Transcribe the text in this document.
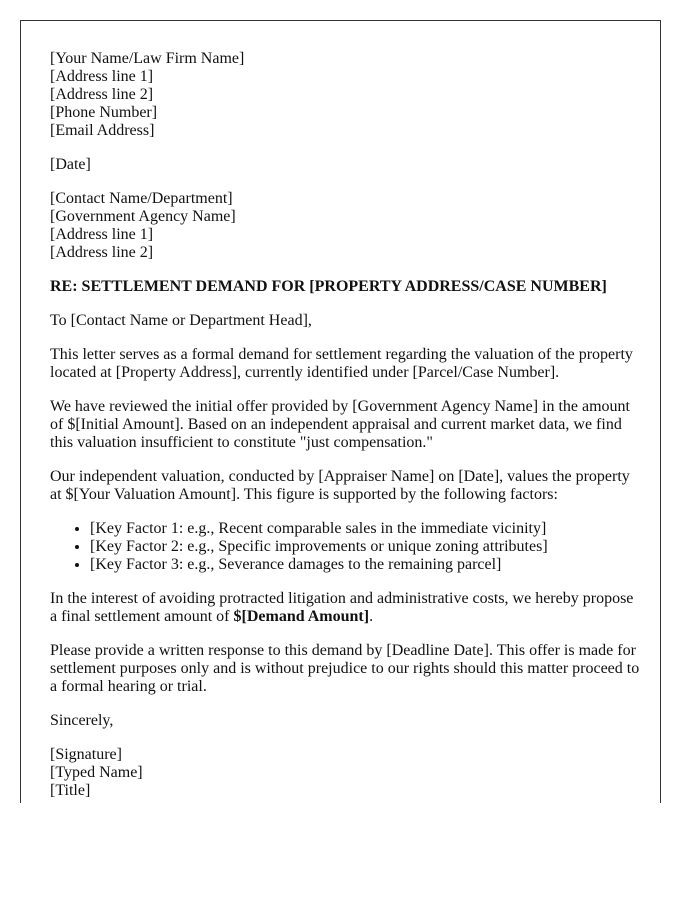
[Your Name/Law Firm Name]
[Address line 1]
[Address line 2]
[Phone Number]
[Email Address]

[Date]

[Contact Name/Department]
[Government Agency Name]
[Address line 1]
[Address line 2]

RE: SETTLEMENT DEMAND FOR [PROPERTY ADDRESS/CASE NUMBER]

To [Contact Name or Department Head],

This letter serves as a formal demand for settlement regarding the valuation of the property located at [Property Address], currently identified under [Parcel/Case Number].

We have reviewed the initial offer provided by [Government Agency Name] in the amount of $[Initial Amount]. Based on an independent appraisal and current market data, we find this valuation insufficient to constitute "just compensation."

Our independent valuation, conducted by [Appraiser Name] on [Date], values the property at $[Your Valuation Amount]. This figure is supported by the following factors:

• [Key Factor 1: e.g., Recent comparable sales in the immediate vicinity]
• [Key Factor 2: e.g., Specific improvements or unique zoning attributes]
• [Key Factor 3: e.g., Severance damages to the remaining parcel]

In the interest of avoiding protracted litigation and administrative costs, we hereby propose a final settlement amount of $[Demand Amount].

Please provide a written response to this demand by [Deadline Date]. This offer is made for settlement purposes only and is without prejudice to our rights should this matter proceed to a formal hearing or trial.

Sincerely,

[Signature]
[Typed Name]
[Title]
